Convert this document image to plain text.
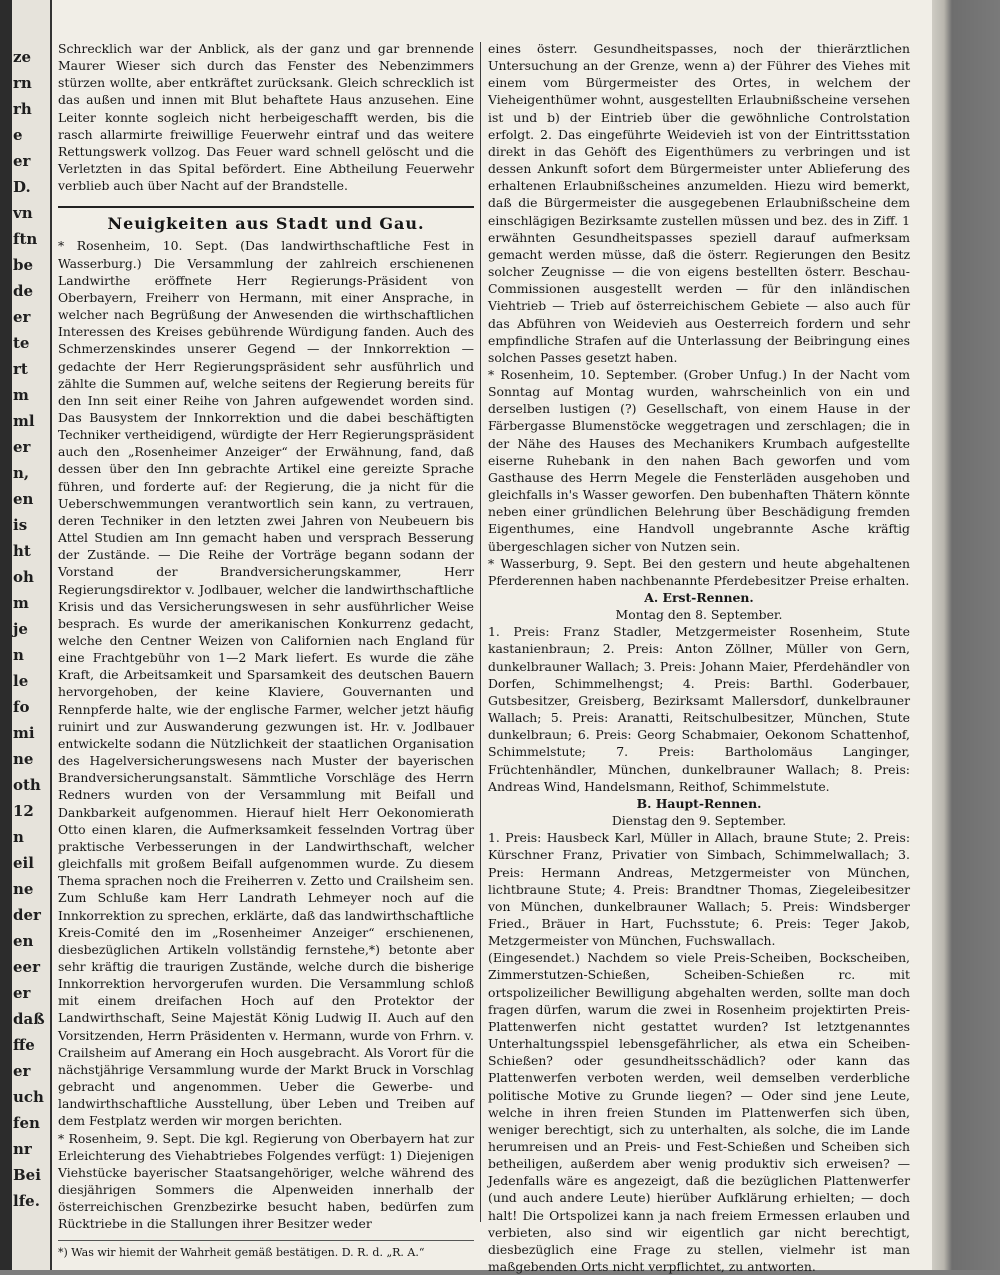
ze
rn
rh
e
er
D.
vn
ftn
be
de
er
te
rt
m
ml
er
n,
en
is
ht
oh
m
je
n
le
fo
mi
ne
oth
12
n
eil
ne
der
en
eer
er
daß
ffe
er
uch
fen
nr
Bei
lfe.

Schrecklich war der Anblick, als der ganz und gar brennende Maurer Wieser sich durch das Fenster des Nebenzimmers stürzen wollte, aber entkräftet zurücksank. Gleich schrecklich ist das außen und innen mit Blut behaftete Haus anzusehen. Eine Leiter konnte sogleich nicht herbeigeschafft werden, bis die rasch allarmirte freiwillige Feuerwehr eintraf und das weitere Rettungswerk vollzog. Das Feuer ward schnell gelöscht und die Verletzten in das Spital befördert. Eine Abtheilung Feuerwehr verblieb auch über Nacht auf der Brandstelle.

Neuigkeiten aus Stadt und Gau.

* Rosenheim, 10. Sept. (Das landwirthschaftliche Fest in Wasserburg.) Die Versammlung der zahlreich erschienenen Landwirthe eröffnete Herr Regierungs-Präsident von Oberbayern, Freiherr von Hermann, mit einer Ansprache, in welcher nach Begrüßung der Anwesenden die wirthschaftlichen Interessen des Kreises gebührende Würdigung fanden. Auch des Schmerzenskindes unserer Gegend — der Innkorrektion — gedachte der Herr Regierungspräsident sehr ausführlich und zählte die Summen auf, welche seitens der Regierung bereits für den Inn seit einer Reihe von Jahren aufgewendet worden sind. Das Bausystem der Innkorrektion und die dabei beschäftigten Techniker vertheidigend, würdigte der Herr Regierungspräsident auch den „Rosenheimer Anzeiger“ der Erwähnung, fand, daß dessen über den Inn gebrachte Artikel eine gereizte Sprache führen, und forderte auf: der Regierung, die ja nicht für die Ueberschwemmungen verantwortlich sein kann, zu vertrauen, deren Techniker in den letzten zwei Jahren von Neubeuern bis Attel Studien am Inn gemacht haben und versprach Besserung der Zustände. — Die Reihe der Vorträge begann sodann der Vorstand der Brandversicherungskammer, Herr Regierungsdirektor v. Jodlbauer, welcher die landwirthschaftliche Krisis und das Versicherungswesen in sehr ausführlicher Weise besprach. Es wurde der amerikanischen Konkurrenz gedacht, welche den Centner Weizen von Californien nach England für eine Frachtgebühr von 1—2 Mark liefert. Es wurde die zähe Kraft, die Arbeitsamkeit und Sparsamkeit des deutschen Bauern hervorgehoben, der keine Klaviere, Gouvernanten und Rennpferde halte, wie der englische Farmer, welcher jetzt häufig ruinirt und zur Auswanderung gezwungen ist. Hr. v. Jodlbauer entwickelte sodann die Nützlichkeit der staatlichen Organisation des Hagelversicherungswesens nach Muster der bayerischen Brandversicherungsanstalt. Sämmtliche Vorschläge des Herrn Redners wurden von der Versammlung mit Beifall und Dankbarkeit aufgenommen. Hierauf hielt Herr Oekonomierath Otto einen klaren, die Aufmerksamkeit fesselnden Vortrag über praktische Verbesserungen in der Landwirthschaft, welcher gleichfalls mit großem Beifall aufgenommen wurde. Zu diesem Thema sprachen noch die Freiherren v. Zetto und Crailsheim sen. Zum Schluße kam Herr Landrath Lehmeyer noch auf die Innkorrektion zu sprechen, erklärte, daß das landwirthschaftliche Kreis-Comité den im „Rosenheimer Anzeiger“ erschienenen, diesbezüglichen Artikeln vollständig fernstehe,*) betonte aber sehr kräftig die traurigen Zustände, welche durch die bisherige Innkorrektion hervorgerufen wurden. Die Versammlung schloß mit einem dreifachen Hoch auf den Protektor der Landwirthschaft, Seine Majestät König Ludwig II. Auch auf den Vorsitzenden, Herrn Präsidenten v. Hermann, wurde von Frhrn. v. Crailsheim auf Amerang ein Hoch ausgebracht. Als Vorort für die nächstjährige Versammlung wurde der Markt Bruck in Vorschlag gebracht und angenommen. Ueber die Gewerbe- und landwirthschaftliche Ausstellung, über Leben und Treiben auf dem Festplatz werden wir morgen berichten.

* Rosenheim, 9. Sept. Die kgl. Regierung von Oberbayern hat zur Erleichterung des Viehabtriebes Folgendes verfügt: 1) Diejenigen Viehstücke bayerischer Staatsangehöriger, welche während des diesjährigen Sommers die Alpenweiden innerhalb der österreichischen Grenzbezirke besucht haben, bedürfen zum Rücktriebe in die Stallungen ihrer Besitzer weder

*) Was wir hiemit der Wahrheit gemäß bestätigen. D. R. d. „R. A.“

eines österr. Gesundheitspasses, noch der thierärztlichen Untersuchung an der Grenze, wenn a) der Führer des Viehes mit einem vom Bürgermeister des Ortes, in welchem der Vieheigenthümer wohnt, ausgestellten Erlaubnißscheine versehen ist und b) der Eintrieb über die gewöhnliche Controlstation erfolgt. 2. Das eingeführte Weidevieh ist von der Eintrittsstation direkt in das Gehöft des Eigenthümers zu verbringen und ist dessen Ankunft sofort dem Bürgermeister unter Ablieferung des erhaltenen Erlaubnißscheines anzumelden. Hiezu wird bemerkt, daß die Bürgermeister die ausgegebenen Erlaubnißscheine dem einschlägigen Bezirksamte zustellen müssen und bez. des in Ziff. 1 erwähnten Gesundheitspasses speziell darauf aufmerksam gemacht werden müsse, daß die österr. Regierungen den Besitz solcher Zeugnisse — die von eigens bestellten österr. Beschau-Commissionen ausgestellt werden — für den inländischen Viehtrieb — Trieb auf österreichischem Gebiete — also auch für das Abführen von Weidevieh aus Oesterreich fordern und sehr empfindliche Strafen auf die Unterlassung der Beibringung eines solchen Passes gesetzt haben.

* Rosenheim, 10. September. (Grober Unfug.) In der Nacht vom Sonntag auf Montag wurden, wahrscheinlich von ein und derselben lustigen (?) Gesellschaft, von einem Hause in der Färbergasse Blumenstöcke weggetragen und zerschlagen; die in der Nähe des Hauses des Mechanikers Krumbach aufgestellte eiserne Ruhebank in den nahen Bach geworfen und vom Gasthause des Herrn Megele die Fensterläden ausgehoben und gleichfalls in's Wasser geworfen. Den bubenhaften Thätern könnte neben einer gründlichen Belehrung über Beschädigung fremden Eigenthumes, eine Handvoll ungebrannte Asche kräftig übergeschlagen sicher von Nutzen sein.

* Wasserburg, 9. Sept. Bei den gestern und heute abgehaltenen Pferderennen haben nachbenannte Pferdebesitzer Preise erhalten.

A. Erst-Rennen.

Montag den 8. September.

1. Preis: Franz Stadler, Metzgermeister Rosenheim, Stute kastanienbraun; 2. Preis: Anton Zöllner, Müller von Gern, dunkelbrauner Wallach; 3. Preis: Johann Maier, Pferdehändler von Dorfen, Schimmelhengst; 4. Preis: Barthl. Goderbauer, Gutsbesitzer, Greisberg, Bezirksamt Mallersdorf, dunkelbrauner Wallach; 5. Preis: Aranatti, Reitschulbesitzer, München, Stute dunkelbraun; 6. Preis: Georg Schabmaier, Oekonom Schattenhof, Schimmelstute; 7. Preis: Bartholomäus Langinger, Früchtenhändler, München, dunkelbrauner Wallach; 8. Preis: Andreas Wind, Handelsmann, Reithof, Schimmelstute.

B. Haupt-Rennen.

Dienstag den 9. September.

1. Preis: Hausbeck Karl, Müller in Allach, braune Stute; 2. Preis: Kürschner Franz, Privatier von Simbach, Schimmelwallach; 3. Preis: Hermann Andreas, Metzgermeister von München, lichtbraune Stute; 4. Preis: Brandtner Thomas, Ziegeleibesitzer von München, dunkelbrauner Wallach; 5. Preis: Windsberger Fried., Bräuer in Hart, Fuchsstute; 6. Preis: Teger Jakob, Metzgermeister von München, Fuchswallach.

(Eingesendet.) Nachdem so viele Preis-Scheiben, Bockscheiben, Zimmerstutzen-Schießen, Scheiben-Schießen rc. mit ortspolizeilicher Bewilligung abgehalten werden, sollte man doch fragen dürfen, warum die zwei in Rosenheim projektirten Preis-Plattenwerfen nicht gestattet wurden? Ist letztgenanntes Unterhaltungsspiel lebensgefährlicher, als etwa ein Scheiben-Schießen? oder gesundheitsschädlich? oder kann das Plattenwerfen verboten werden, weil demselben verderbliche politische Motive zu Grunde liegen? — Oder sind jene Leute, welche in ihren freien Stunden im Plattenwerfen sich üben, weniger berechtigt, sich zu unterhalten, als solche, die im Lande herumreisen und an Preis- und Fest-Schießen und Scheiben sich betheiligen, außerdem aber wenig produktiv sich erweisen? — Jedenfalls wäre es angezeigt, daß die bezüglichen Plattenwerfer (und auch andere Leute) hierüber Aufklärung erhielten; — doch halt! Die Ortspolizei kann ja nach freiem Ermessen erlauben und verbieten, also sind wir eigentlich gar nicht berechtigt, diesbezüglich eine Frage zu stellen, vielmehr ist man maßgebenden Orts nicht verpflichtet, zu antworten.
